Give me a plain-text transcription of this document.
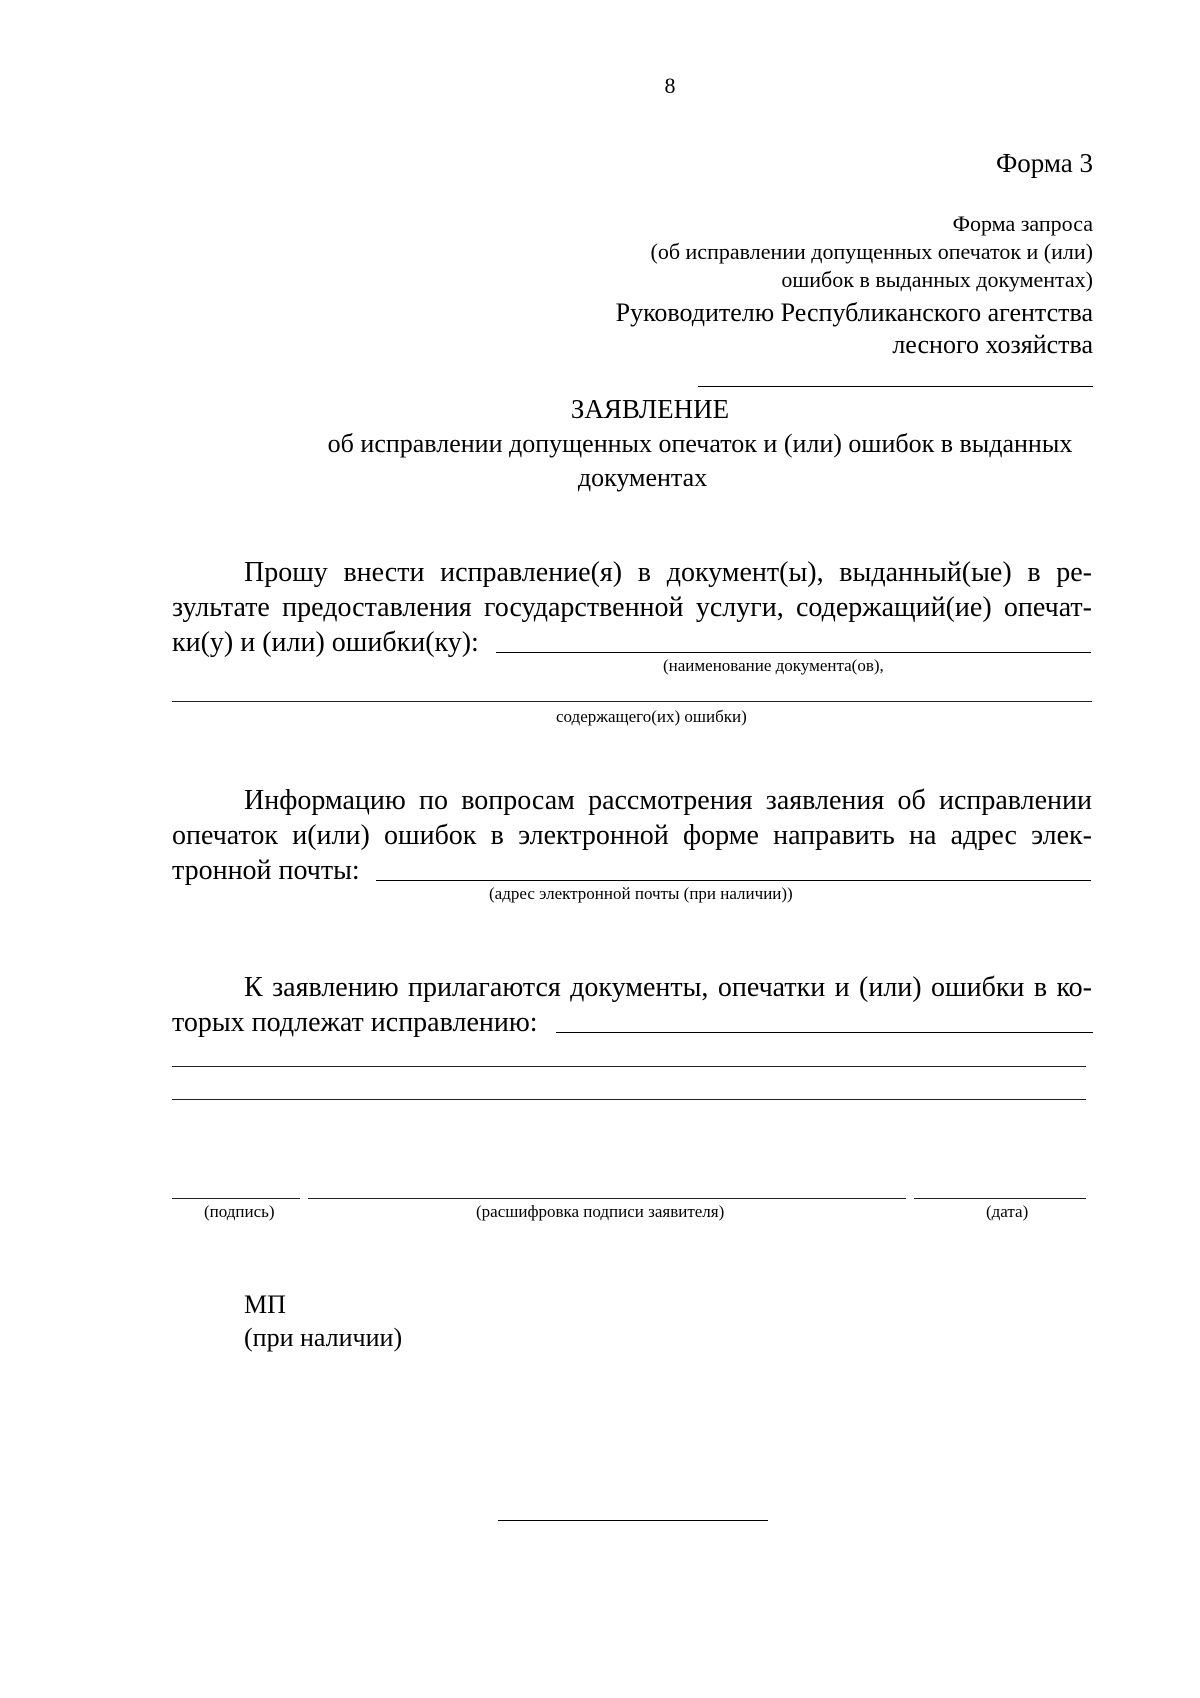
8
Форма 3
Форма запроса
(об исправлении допущенных опечаток и (или)
ошибок в выданных документах)
Руководителю Республиканского агентства
лесного хозяйства
ЗАЯВЛЕНИЕ
об исправлении допущенных опечаток и (или) ошибок в выданных
документах
Прошу внести исправление(я) в документ(ы), выданный(ые) в ре-
зультате предоставления государственной услуги, содержащий(ие) опечат-
ки(у) и (или) ошибки(ку):
(наименование документа(ов),
содержащего(их) ошибки)
Информацию по вопросам рассмотрения заявления об исправлении
опечаток и(или) ошибок в электронной форме направить на адрес элек-
тронной почты:
(адрес электронной почты (при наличии))
К заявлению прилагаются документы, опечатки и (или) ошибки в ко-
торых подлежат исправлению:
(подпись)	(расшифровка подписи заявителя)	(дата)
МП
(при наличии)
